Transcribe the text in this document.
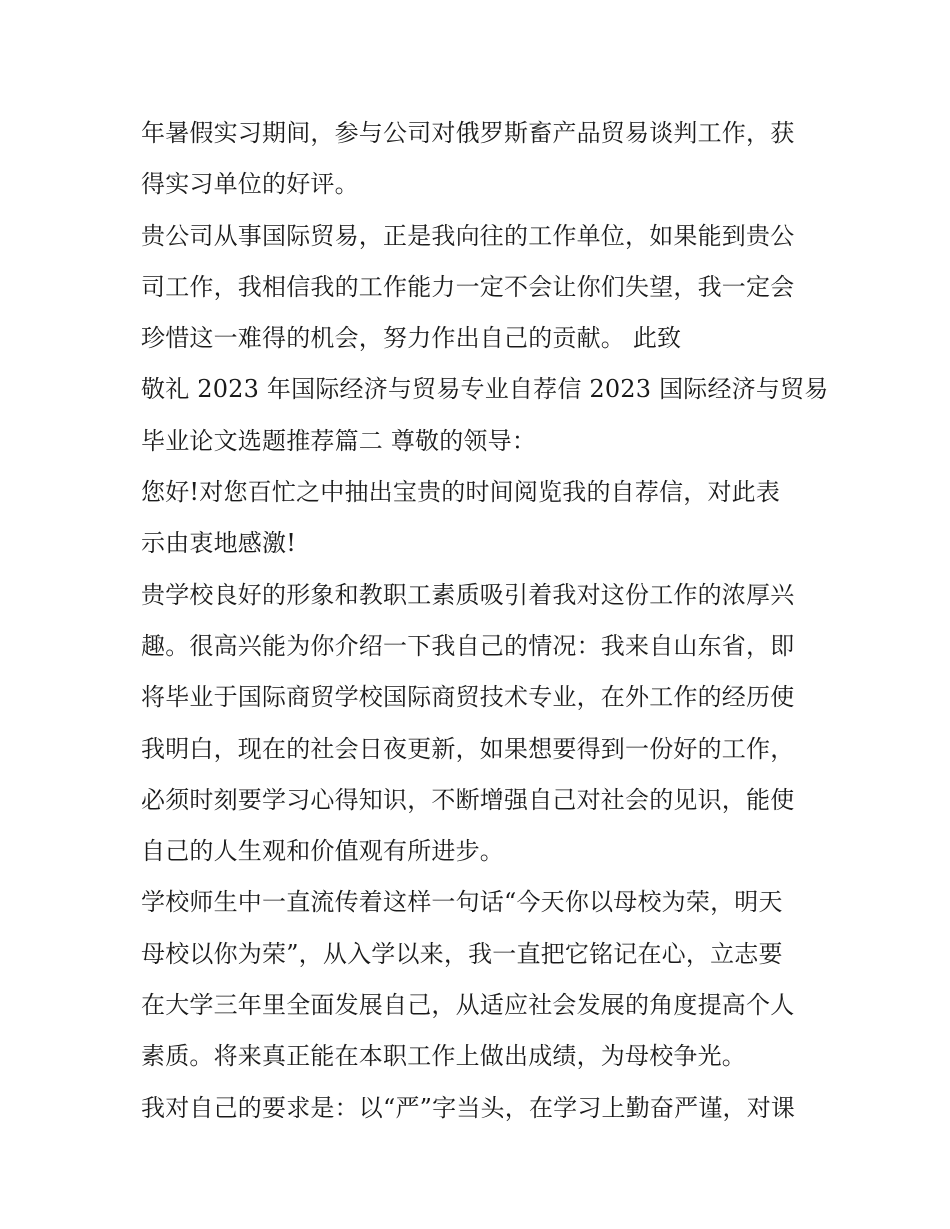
年暑假实习期间，参与公司对俄罗斯畜产品贸易谈判工作，获
得实习单位的好评。
贵公司从事国际贸易，正是我向往的工作单位，如果能到贵公
司工作，我相信我的工作能力一定不会让你们失望，我一定会
珍惜这一难得的机会，努力作出自己的贡献。 此致
敬礼 2023 年国际经济与贸易专业自荐信 2023 国际经济与贸易
毕业论文选题推荐篇二 尊敬的领导：
您好!对您百忙之中抽出宝贵的时间阅览我的自荐信，对此表
示由衷地感激!
贵学校良好的形象和教职工素质吸引着我对这份工作的浓厚兴
趣。很高兴能为你介绍一下我自己的情况：我来自山东省，即
将毕业于国际商贸学校国际商贸技术专业，在外工作的经历使
我明白，现在的社会日夜更新，如果想要得到一份好的工作，
必须时刻要学习心得知识，不断增强自己对社会的见识，能使
自己的人生观和价值观有所进步。
学校师生中一直流传着这样一句话“今天你以母校为荣，明天
母校以你为荣”，从入学以来，我一直把它铭记在心，立志要
在大学三年里全面发展自己，从适应社会发展的角度提高个人
素质。将来真正能在本职工作上做出成绩，为母校争光。
我对自己的要求是：以“严”字当头，在学习上勤奋严谨，对课
